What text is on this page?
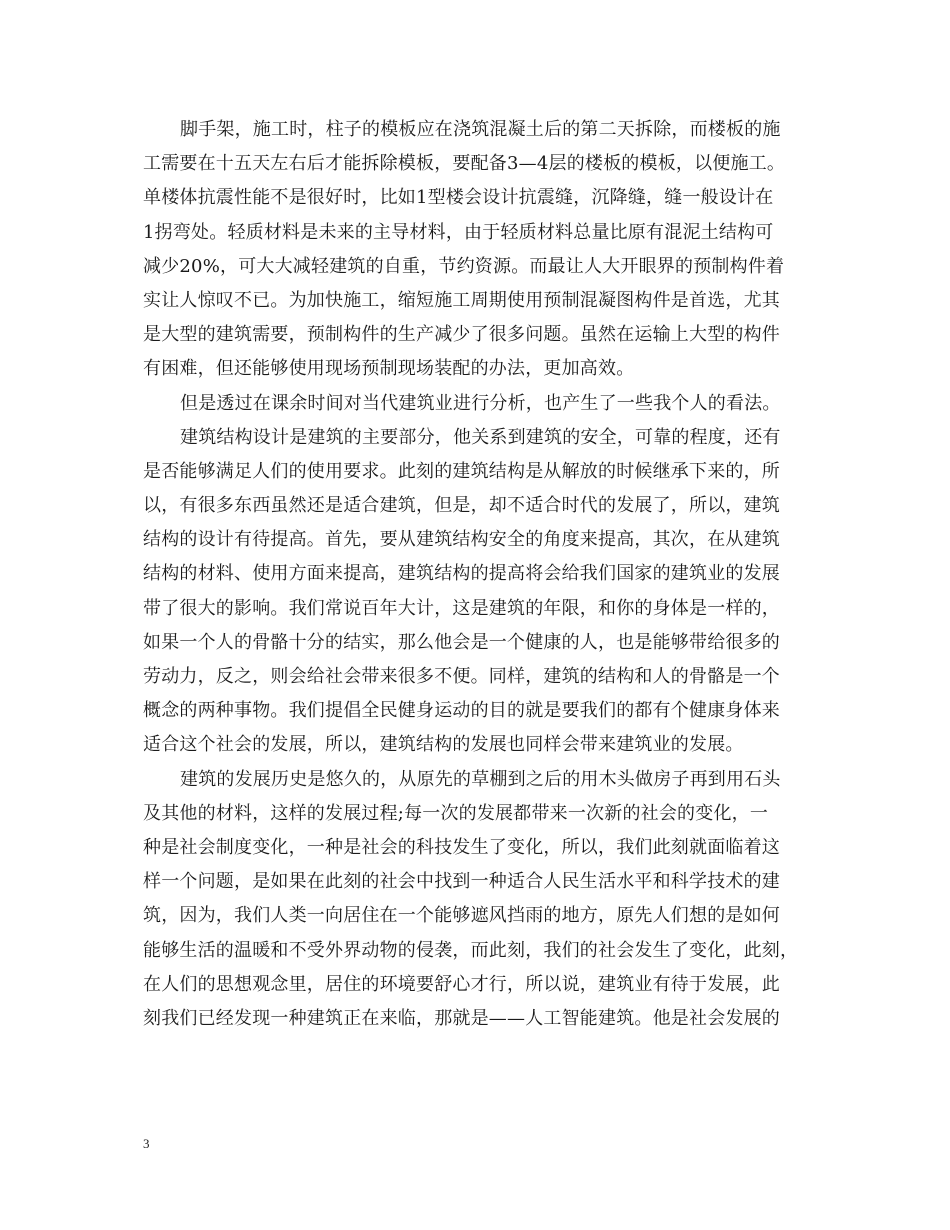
脚手架，施工时，柱子的模板应在浇筑混凝土后的第二天拆除，而楼板的施
工需要在十五天左右后才能拆除模板，要配备3—4层的楼板的模板，以便施工。
单楼体抗震性能不是很好时，比如1型楼会设计抗震缝，沉降缝，缝一般设计在
1拐弯处。轻质材料是未来的主导材料，由于轻质材料总量比原有混泥土结构可
减少20%，可大大减轻建筑的自重，节约资源。而最让人大开眼界的预制构件着
实让人惊叹不已。为加快施工，缩短施工周期使用预制混凝图构件是首选，尤其
是大型的建筑需要，预制构件的生产减少了很多问题。虽然在运输上大型的构件
有困难，但还能够使用现场预制现场装配的办法，更加高效。
但是透过在课余时间对当代建筑业进行分析，也产生了一些我个人的看法。
建筑结构设计是建筑的主要部分，他关系到建筑的安全，可靠的程度，还有
是否能够满足人们的使用要求。此刻的建筑结构是从解放的时候继承下来的，所
以，有很多东西虽然还是适合建筑，但是，却不适合时代的发展了，所以，建筑
结构的设计有待提高。首先，要从建筑结构安全的角度来提高，其次，在从建筑
结构的材料、使用方面来提高，建筑结构的提高将会给我们国家的建筑业的发展
带了很大的影响。我们常说百年大计，这是建筑的年限，和你的身体是一样的，
如果一个人的骨骼十分的结实，那么他会是一个健康的人，也是能够带给很多的
劳动力，反之，则会给社会带来很多不便。同样，建筑的结构和人的骨骼是一个
概念的两种事物。我们提倡全民健身运动的目的就是要我们的都有个健康身体来
适合这个社会的发展，所以，建筑结构的发展也同样会带来建筑业的发展。
建筑的发展历史是悠久的，从原先的草棚到之后的用木头做房子再到用石头
及其他的材料，这样的发展过程;每一次的发展都带来一次新的社会的变化，一
种是社会制度变化，一种是社会的科技发生了变化，所以，我们此刻就面临着这
样一个问题，是如果在此刻的社会中找到一种适合人民生活水平和科学技术的建
筑，因为，我们人类一向居住在一个能够遮风挡雨的地方，原先人们想的是如何
能够生活的温暖和不受外界动物的侵袭，而此刻，我们的社会发生了变化，此刻，
在人们的思想观念里，居住的环境要舒心才行，所以说，建筑业有待于发展，此
刻我们已经发现一种建筑正在来临，那就是——人工智能建筑。他是社会发展的
3
